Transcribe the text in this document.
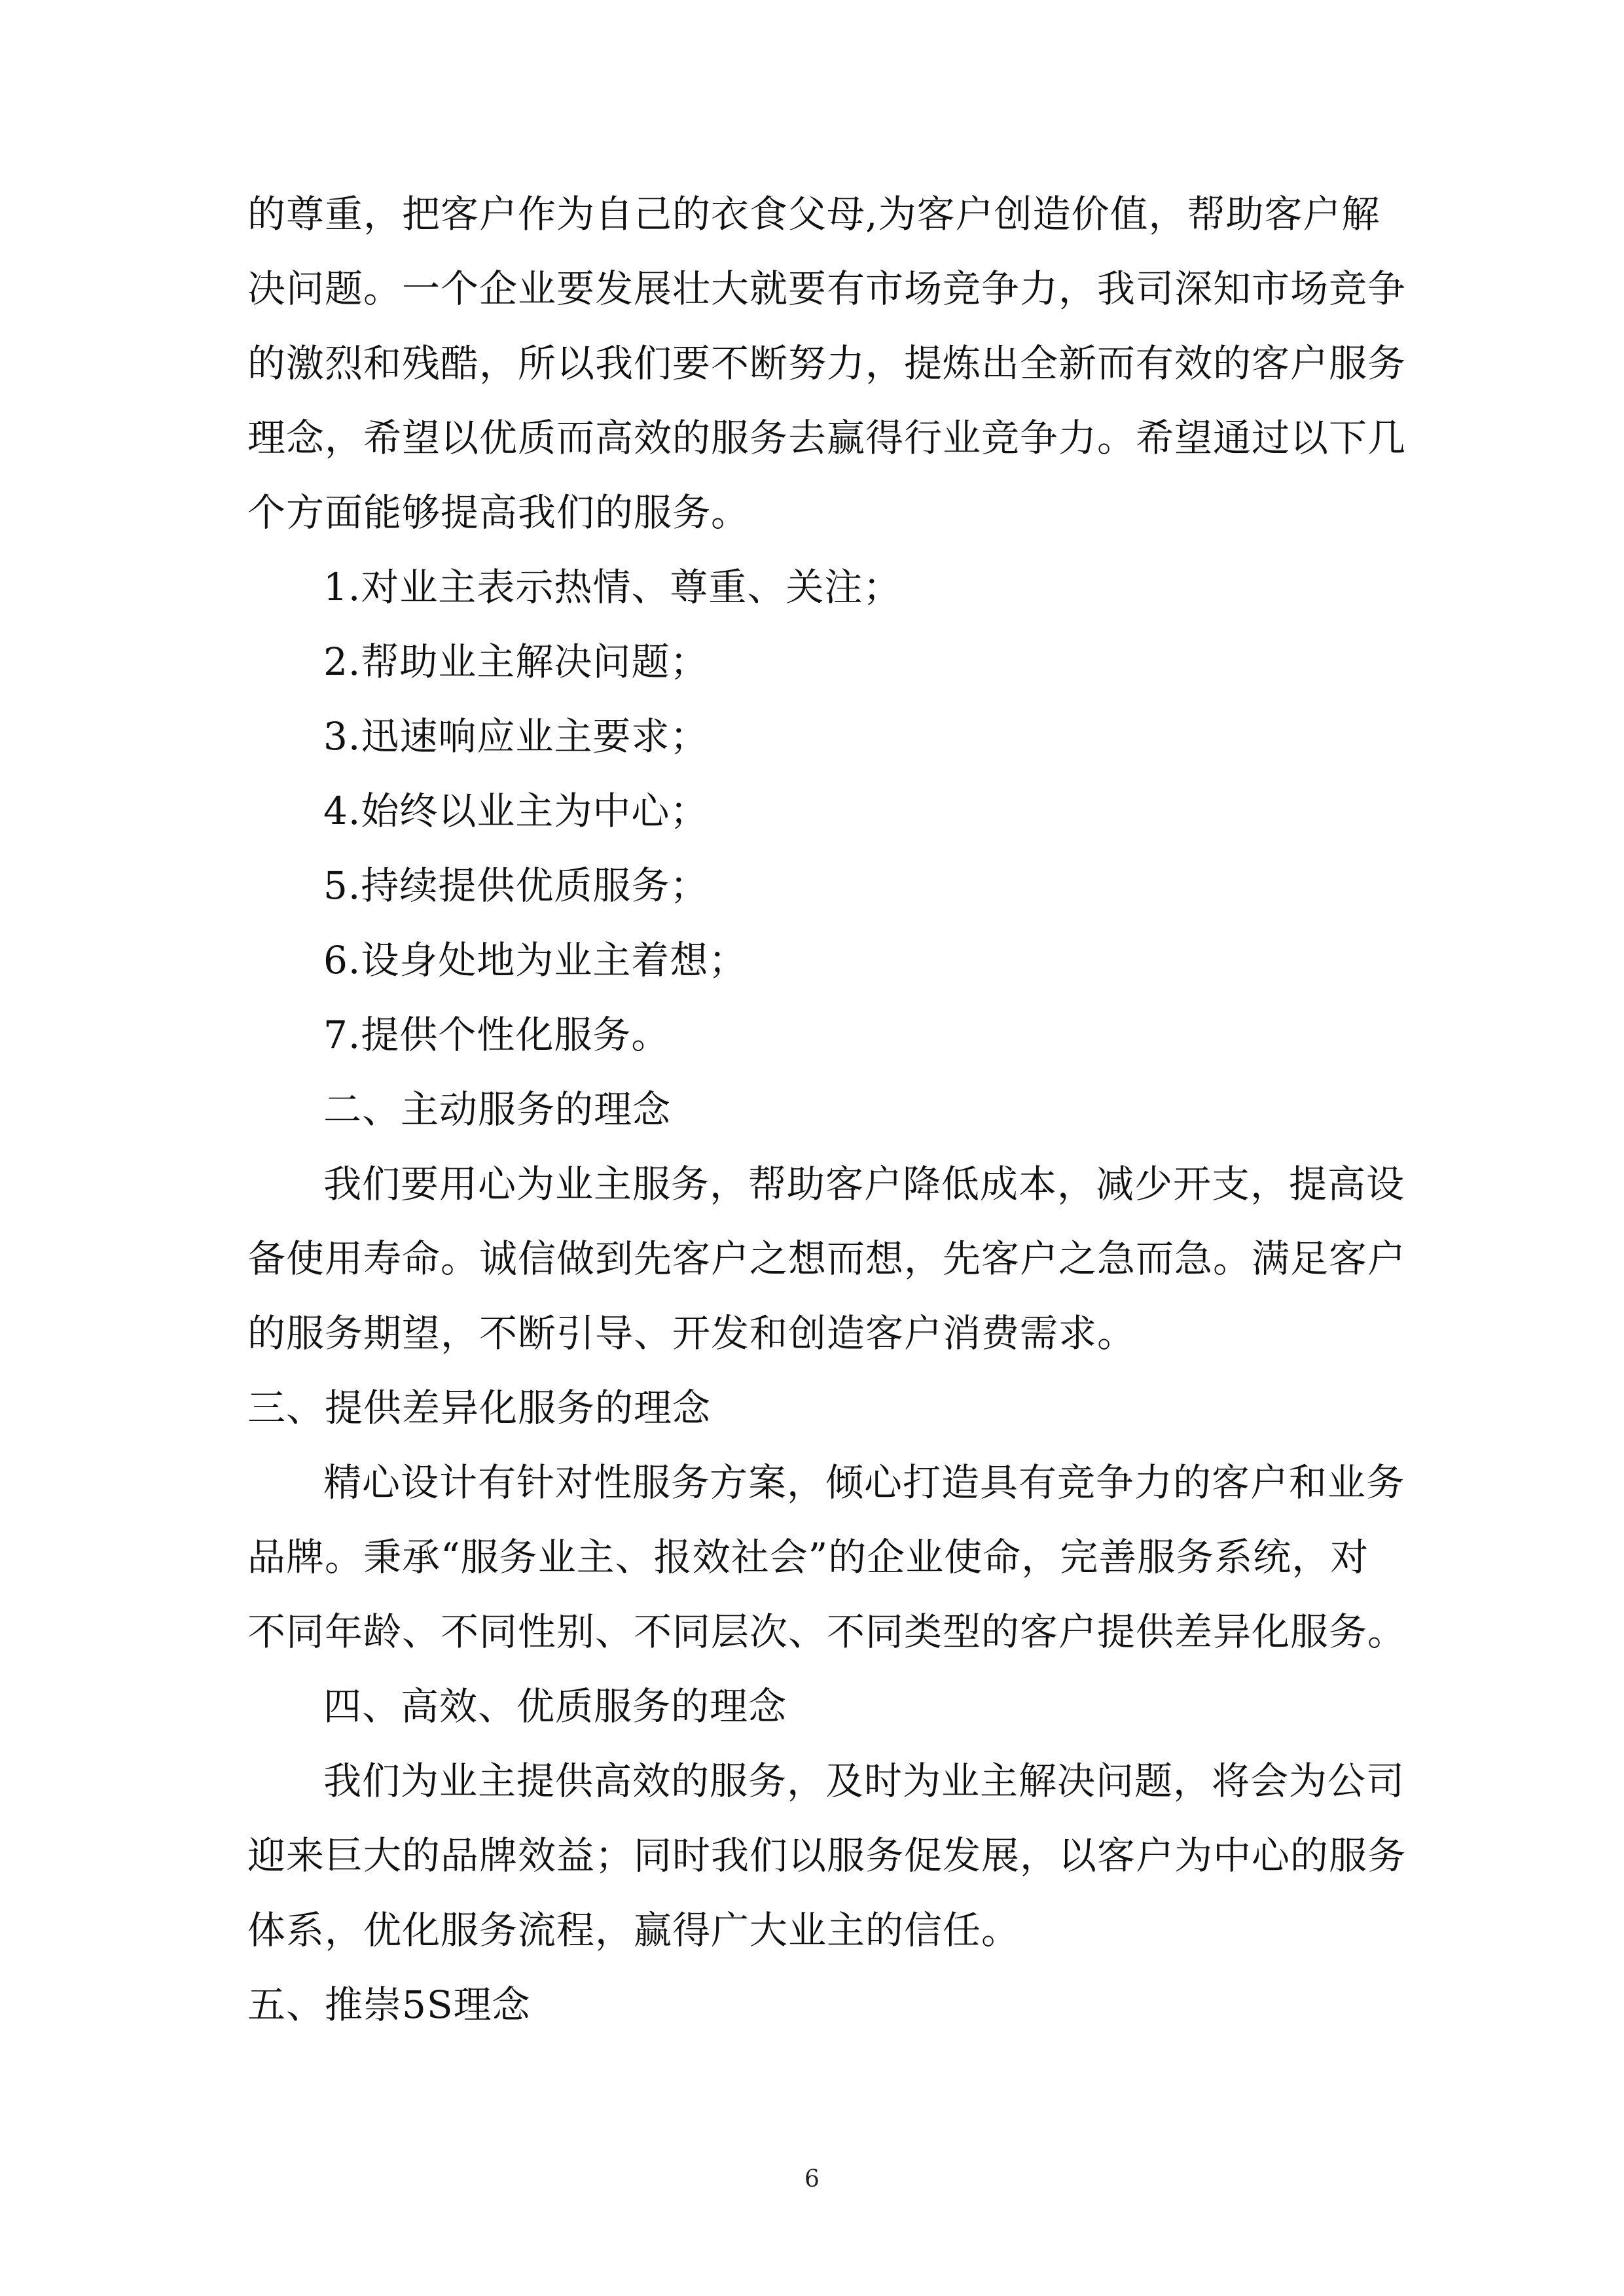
的尊重，把客户作为自己的衣食父母,为客户创造价值，帮助客户解
决问题。一个企业要发展壮大就要有市场竞争力，我司深知市场竞争
的激烈和残酷，所以我们要不断努力，提炼出全新而有效的客户服务
理念，希望以优质而高效的服务去赢得行业竞争力。希望通过以下几
个方面能够提高我们的服务。
1.对业主表示热情、尊重、关注；
2.帮助业主解决问题；
3.迅速响应业主要求；
4.始终以业主为中心；
5.持续提供优质服务；
6.设身处地为业主着想；
7.提供个性化服务。
二、主动服务的理念
我们要用心为业主服务，帮助客户降低成本，减少开支，提高设
备使用寿命。诚信做到先客户之想而想，先客户之急而急。满足客户
的服务期望，不断引导、开发和创造客户消费需求。
三、提供差异化服务的理念
精心设计有针对性服务方案，倾心打造具有竞争力的客户和业务
品牌。秉承“服务业主、报效社会”的企业使命，完善服务系统，对
不同年龄、不同性别、不同层次、不同类型的客户提供差异化服务。
四、高效、优质服务的理念
我们为业主提供高效的服务，及时为业主解决问题，将会为公司
迎来巨大的品牌效益；同时我们以服务促发展，以客户为中心的服务
体系，优化服务流程，赢得广大业主的信任。
五、推崇5S理念
6
